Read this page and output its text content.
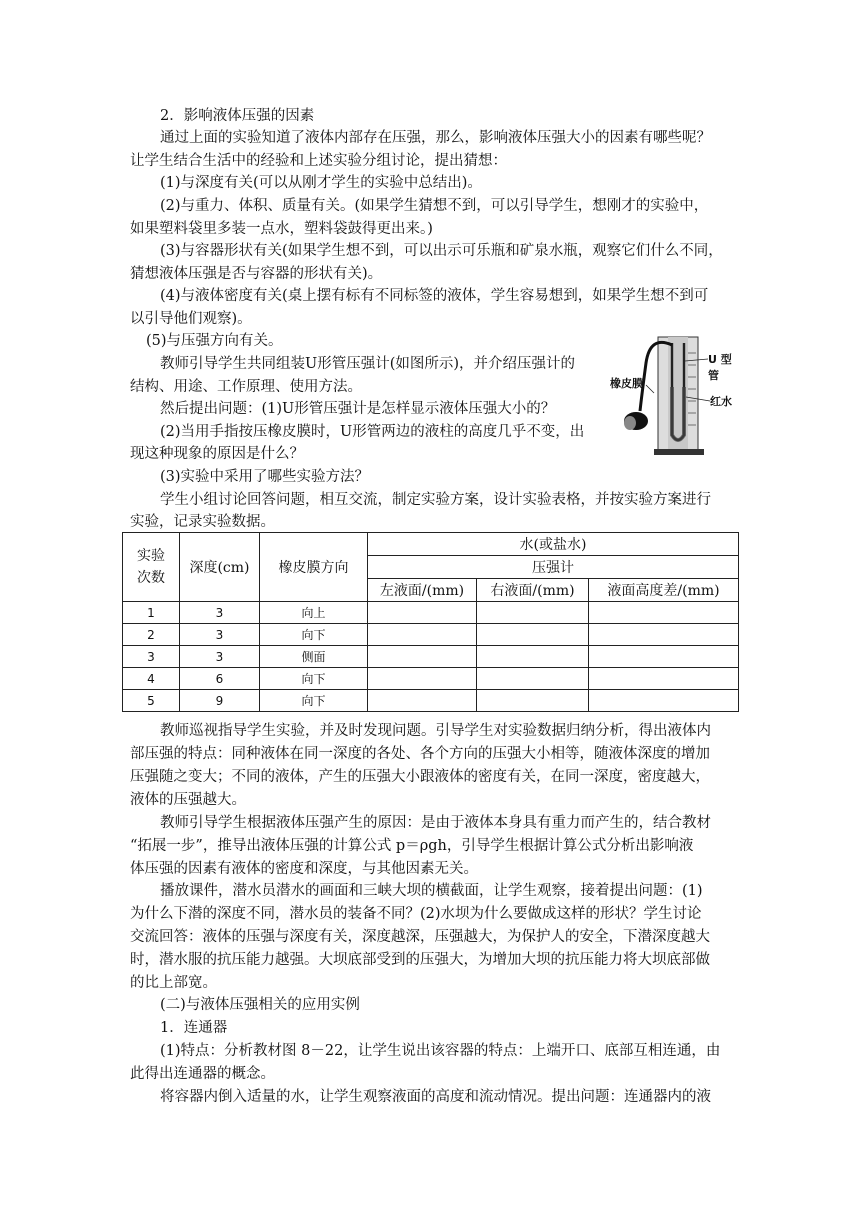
2．影响液体压强的因素
通过上面的实验知道了液体内部存在压强，那么，影响液体压强大小的因素有哪些呢？
让学生结合生活中的经验和上述实验分组讨论，提出猜想：
(1)与深度有关(可以从刚才学生的实验中总结出)。
(2)与重力、体积、质量有关。(如果学生猜想不到，可以引导学生，想刚才的实验中，
如果塑料袋里多装一点水，塑料袋鼓得更出来。)
(3)与容器形状有关(如果学生想不到，可以出示可乐瓶和矿泉水瓶，观察它们什么不同，
猜想液体压强是否与容器的形状有关)。
(4)与液体密度有关(桌上摆有标有不同标签的液体，学生容易想到，如果学生想不到可
以引导他们观察)。
(5)与压强方向有关。
教师引导学生共同组装U形管压强计(如图所示)，并介绍压强计的
结构、用途、工作原理、使用方法。
然后提出问题：(1)U形管压强计是怎样显示液体压强大小的？
(2)当用手指按压橡皮膜时，U形管两边的液柱的高度几乎不变，出
现这种现象的原因是什么？
(3)实验中采用了哪些实验方法？
学生小组讨论回答问题，相互交流，制定实验方案，设计实验表格，并按实验方案进行
实验，记录实验数据。
U 型管
橡皮膜
红水
实验次数	深度(cm)	橡皮膜方向	水(或盐水)		
			压强计		
			左液面/(mm)	右液面/(mm)	液面高度差/(mm)
1	3	向上			
2	3	向下			
3	3	侧面			
4	6	向下			
5	9	向下			
教师巡视指导学生实验，并及时发现问题。引导学生对实验数据归纳分析，得出液体内
部压强的特点：同种液体在同一深度的各处、各个方向的压强大小相等，随液体深度的增加
压强随之变大；不同的液体，产生的压强大小跟液体的密度有关，在同一深度，密度越大，
液体的压强越大。
教师引导学生根据液体压强产生的原因：是由于液体本身具有重力而产生的，结合教材
“拓展一步”，推导出液体压强的计算公式 p＝ρgh，引导学生根据计算公式分析出影响液
体压强的因素有液体的密度和深度，与其他因素无关。
播放课件，潜水员潜水的画面和三峡大坝的横截面，让学生观察，接着提出问题：(1)
为什么下潜的深度不同，潜水员的装备不同？(2)水坝为什么要做成这样的形状？学生讨论
交流回答：液体的压强与深度有关，深度越深，压强越大，为保护人的安全，下潜深度越大
时，潜水服的抗压能力越强。大坝底部受到的压强大，为增加大坝的抗压能力将大坝底部做
的比上部宽。
(二)与液体压强相关的应用实例
1．连通器
(1)特点：分析教材图 8－22，让学生说出该容器的特点：上端开口、底部互相连通，由
此得出连通器的概念。
将容器内倒入适量的水，让学生观察液面的高度和流动情况。提出问题：连通器内的液
